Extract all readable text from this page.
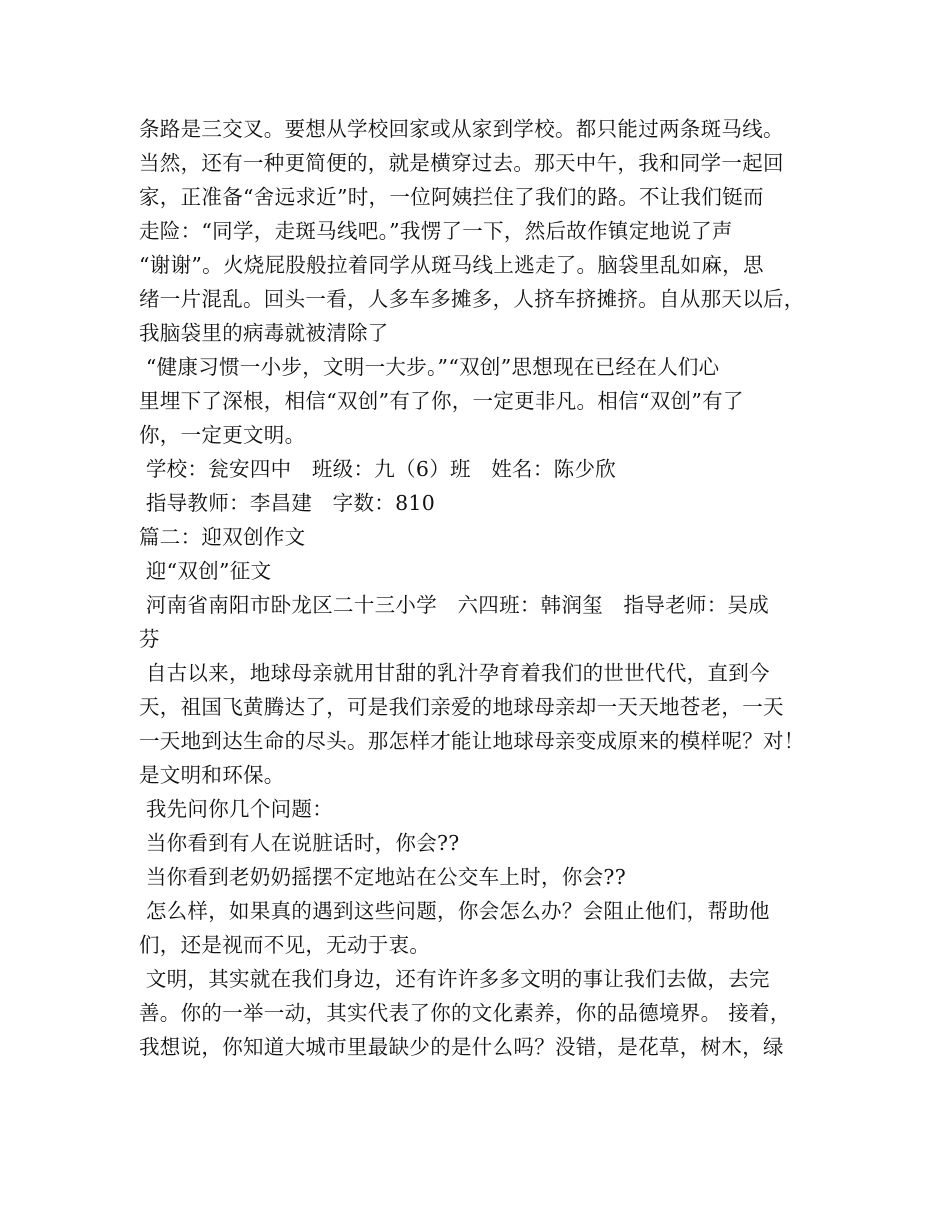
条路是三交叉。要想从学校回家或从家到学校。都只能过两条斑马线。
当然，还有一种更简便的，就是横穿过去。那天中午，我和同学一起回
家，正准备“舍远求近”时，一位阿姨拦住了我们的路。不让我们铤而
走险：“同学，走斑马线吧。”我愣了一下，然后故作镇定地说了声
“谢谢”。火烧屁股般拉着同学从斑马线上逃走了。脑袋里乱如麻，思
绪一片混乱。回头一看，人多车多摊多，人挤车挤摊挤。自从那天以后，
我脑袋里的病毒就被清除了
“健康习惯一小步，文明一大步。”“双创”思想现在已经在人们心
里埋下了深根，相信“双创”有了你，一定更非凡。相信“双创”有了
你，一定更文明。
学校：瓮安四中   班级：九（6）班   姓名：陈少欣
指导教师：李昌建   字数：810
篇二：迎双创作文
迎“双创”征文
河南省南阳市卧龙区二十三小学   六四班：韩润玺   指导老师：吴成
芬
自古以来，地球母亲就用甘甜的乳汁孕育着我们的世世代代，直到今
天，祖国飞黄腾达了，可是我们亲爱的地球母亲却一天天地苍老，一天
一天地到达生命的尽头。那怎样才能让地球母亲变成原来的模样呢？对！
是文明和环保。
我先问你几个问题：
当你看到有人在说脏话时，你会??
当你看到老奶奶摇摆不定地站在公交车上时，你会??
怎么样，如果真的遇到这些问题，你会怎么办？会阻止他们，帮助他
们，还是视而不见，无动于衷。
文明，其实就在我们身边，还有许许多多文明的事让我们去做，去完
善。你的一举一动，其实代表了你的文化素养，你的品德境界。 接着，
我想说，你知道大城市里最缺少的是什么吗？没错，是花草，树木，绿
